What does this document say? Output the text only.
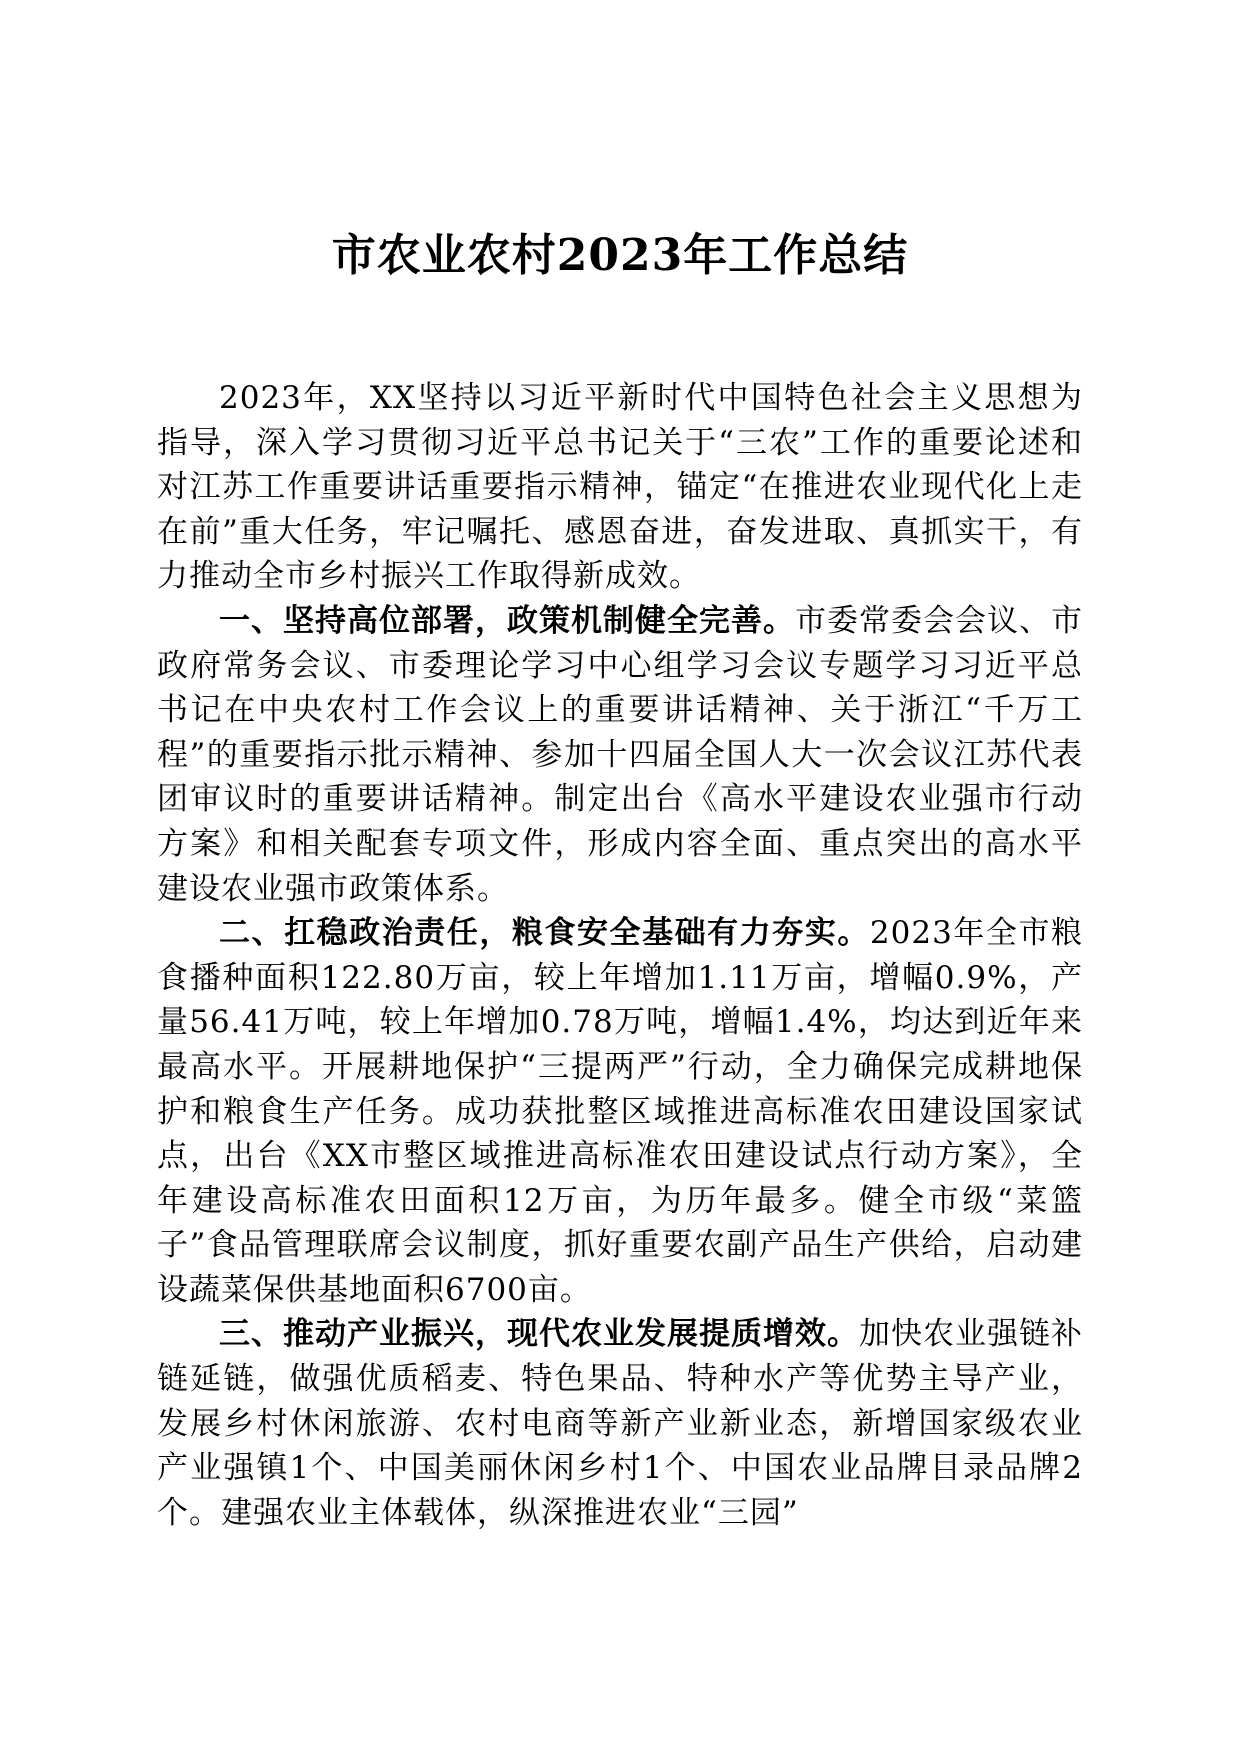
市农业农村2023年工作总结

2023年，XX坚持以习近平新时代中国特色社会主义思想为指导，深入学习贯彻习近平总书记关于“三农”工作的重要论述和对江苏工作重要讲话重要指示精神，锚定“在推进农业现代化上走在前”重大任务，牢记嘱托、感恩奋进，奋发进取、真抓实干，有力推动全市乡村振兴工作取得新成效。

一、坚持高位部署，政策机制健全完善。市委常委会会议、市政府常务会议、市委理论学习中心组学习会议专题学习习近平总书记在中央农村工作会议上的重要讲话精神、关于浙江“千万工程”的重要指示批示精神、参加十四届全国人大一次会议江苏代表团审议时的重要讲话精神。制定出台《高水平建设农业强市行动方案》和相关配套专项文件，形成内容全面、重点突出的高水平建设农业强市政策体系。

二、扛稳政治责任，粮食安全基础有力夯实。2023年全市粮食播种面积122.80万亩，较上年增加1.11万亩，增幅0.9%，产量56.41万吨，较上年增加0.78万吨，增幅1.4%，均达到近年来最高水平。开展耕地保护“三提两严”行动，全力确保完成耕地保护和粮食生产任务。成功获批整区域推进高标准农田建设国家试点，出台《XX市整区域推进高标准农田建设试点行动方案》，全年建设高标准农田面积12万亩，为历年最多。健全市级“菜篮子”食品管理联席会议制度，抓好重要农副产品生产供给，启动建设蔬菜保供基地面积6700亩。

三、推动产业振兴，现代农业发展提质增效。加快农业强链补链延链，做强优质稻麦、特色果品、特种水产等优势主导产业，发展乡村休闲旅游、农村电商等新产业新业态，新增国家级农业产业强镇1个、中国美丽休闲乡村1个、中国农业品牌目录品牌2个。建强农业主体载体，纵深推进农业“三园”
